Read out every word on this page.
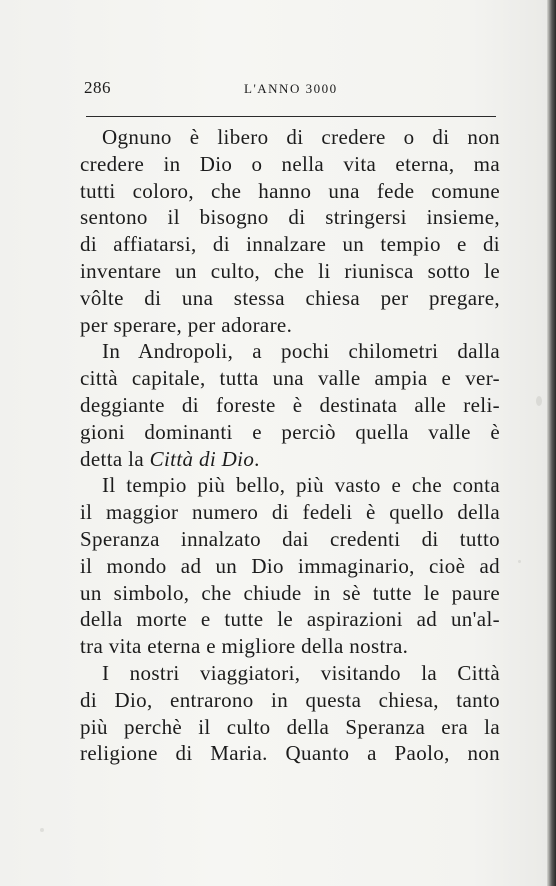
286	L'ANNO 3000
Ognuno è libero di credere o di non
credere in Dio o nella vita eterna, ma
tutti coloro, che hanno una fede comune
sentono il bisogno di stringersi insieme,
di affiatarsi, di innalzare un tempio e di
inventare un culto, che li riunisca sotto le
vôlte di una stessa chiesa per pregare,
per sperare, per adorare.
In Andropoli, a pochi chilometri dalla
città capitale, tutta una valle ampia e ver-
deggiante di foreste è destinata alle reli-
gioni dominanti e perciò quella valle è
detta la Città di Dio.
Il tempio più bello, più vasto e che conta
il maggior numero di fedeli è quello della
Speranza innalzato dai credenti di tutto
il mondo ad un Dio immaginario, cioè ad
un simbolo, che chiude in sè tutte le paure
della morte e tutte le aspirazioni ad un'al-
tra vita eterna e migliore della nostra.
I nostri viaggiatori, visitando la Città
di Dio, entrarono in questa chiesa, tanto
più perchè il culto della Speranza era la
religione di Maria. Quanto a Paolo, non
